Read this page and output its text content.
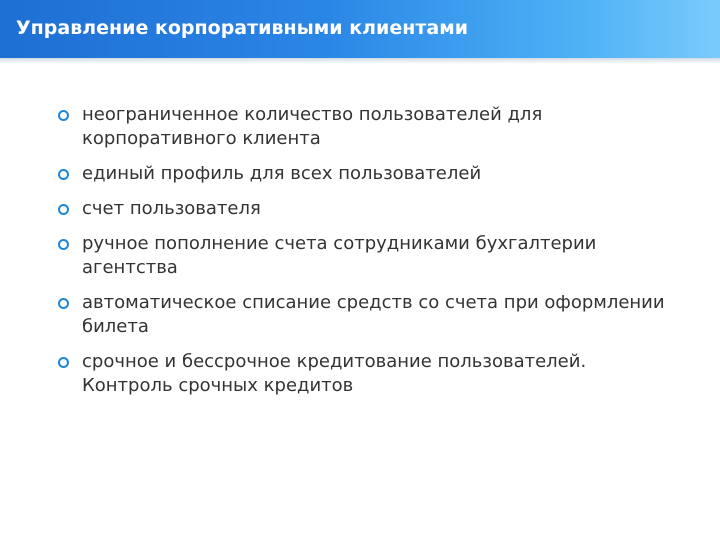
Управление корпоративными клиентами
неограниченное количество пользователей для
корпоративного клиента
единый профиль для всех пользователей
счет пользователя
ручное пополнение счета сотрудниками бухгалтерии
агентства
автоматическое списание средств со счета при оформлении
билета
срочное и бессрочное кредитование пользователей.
Контроль срочных кредитов
